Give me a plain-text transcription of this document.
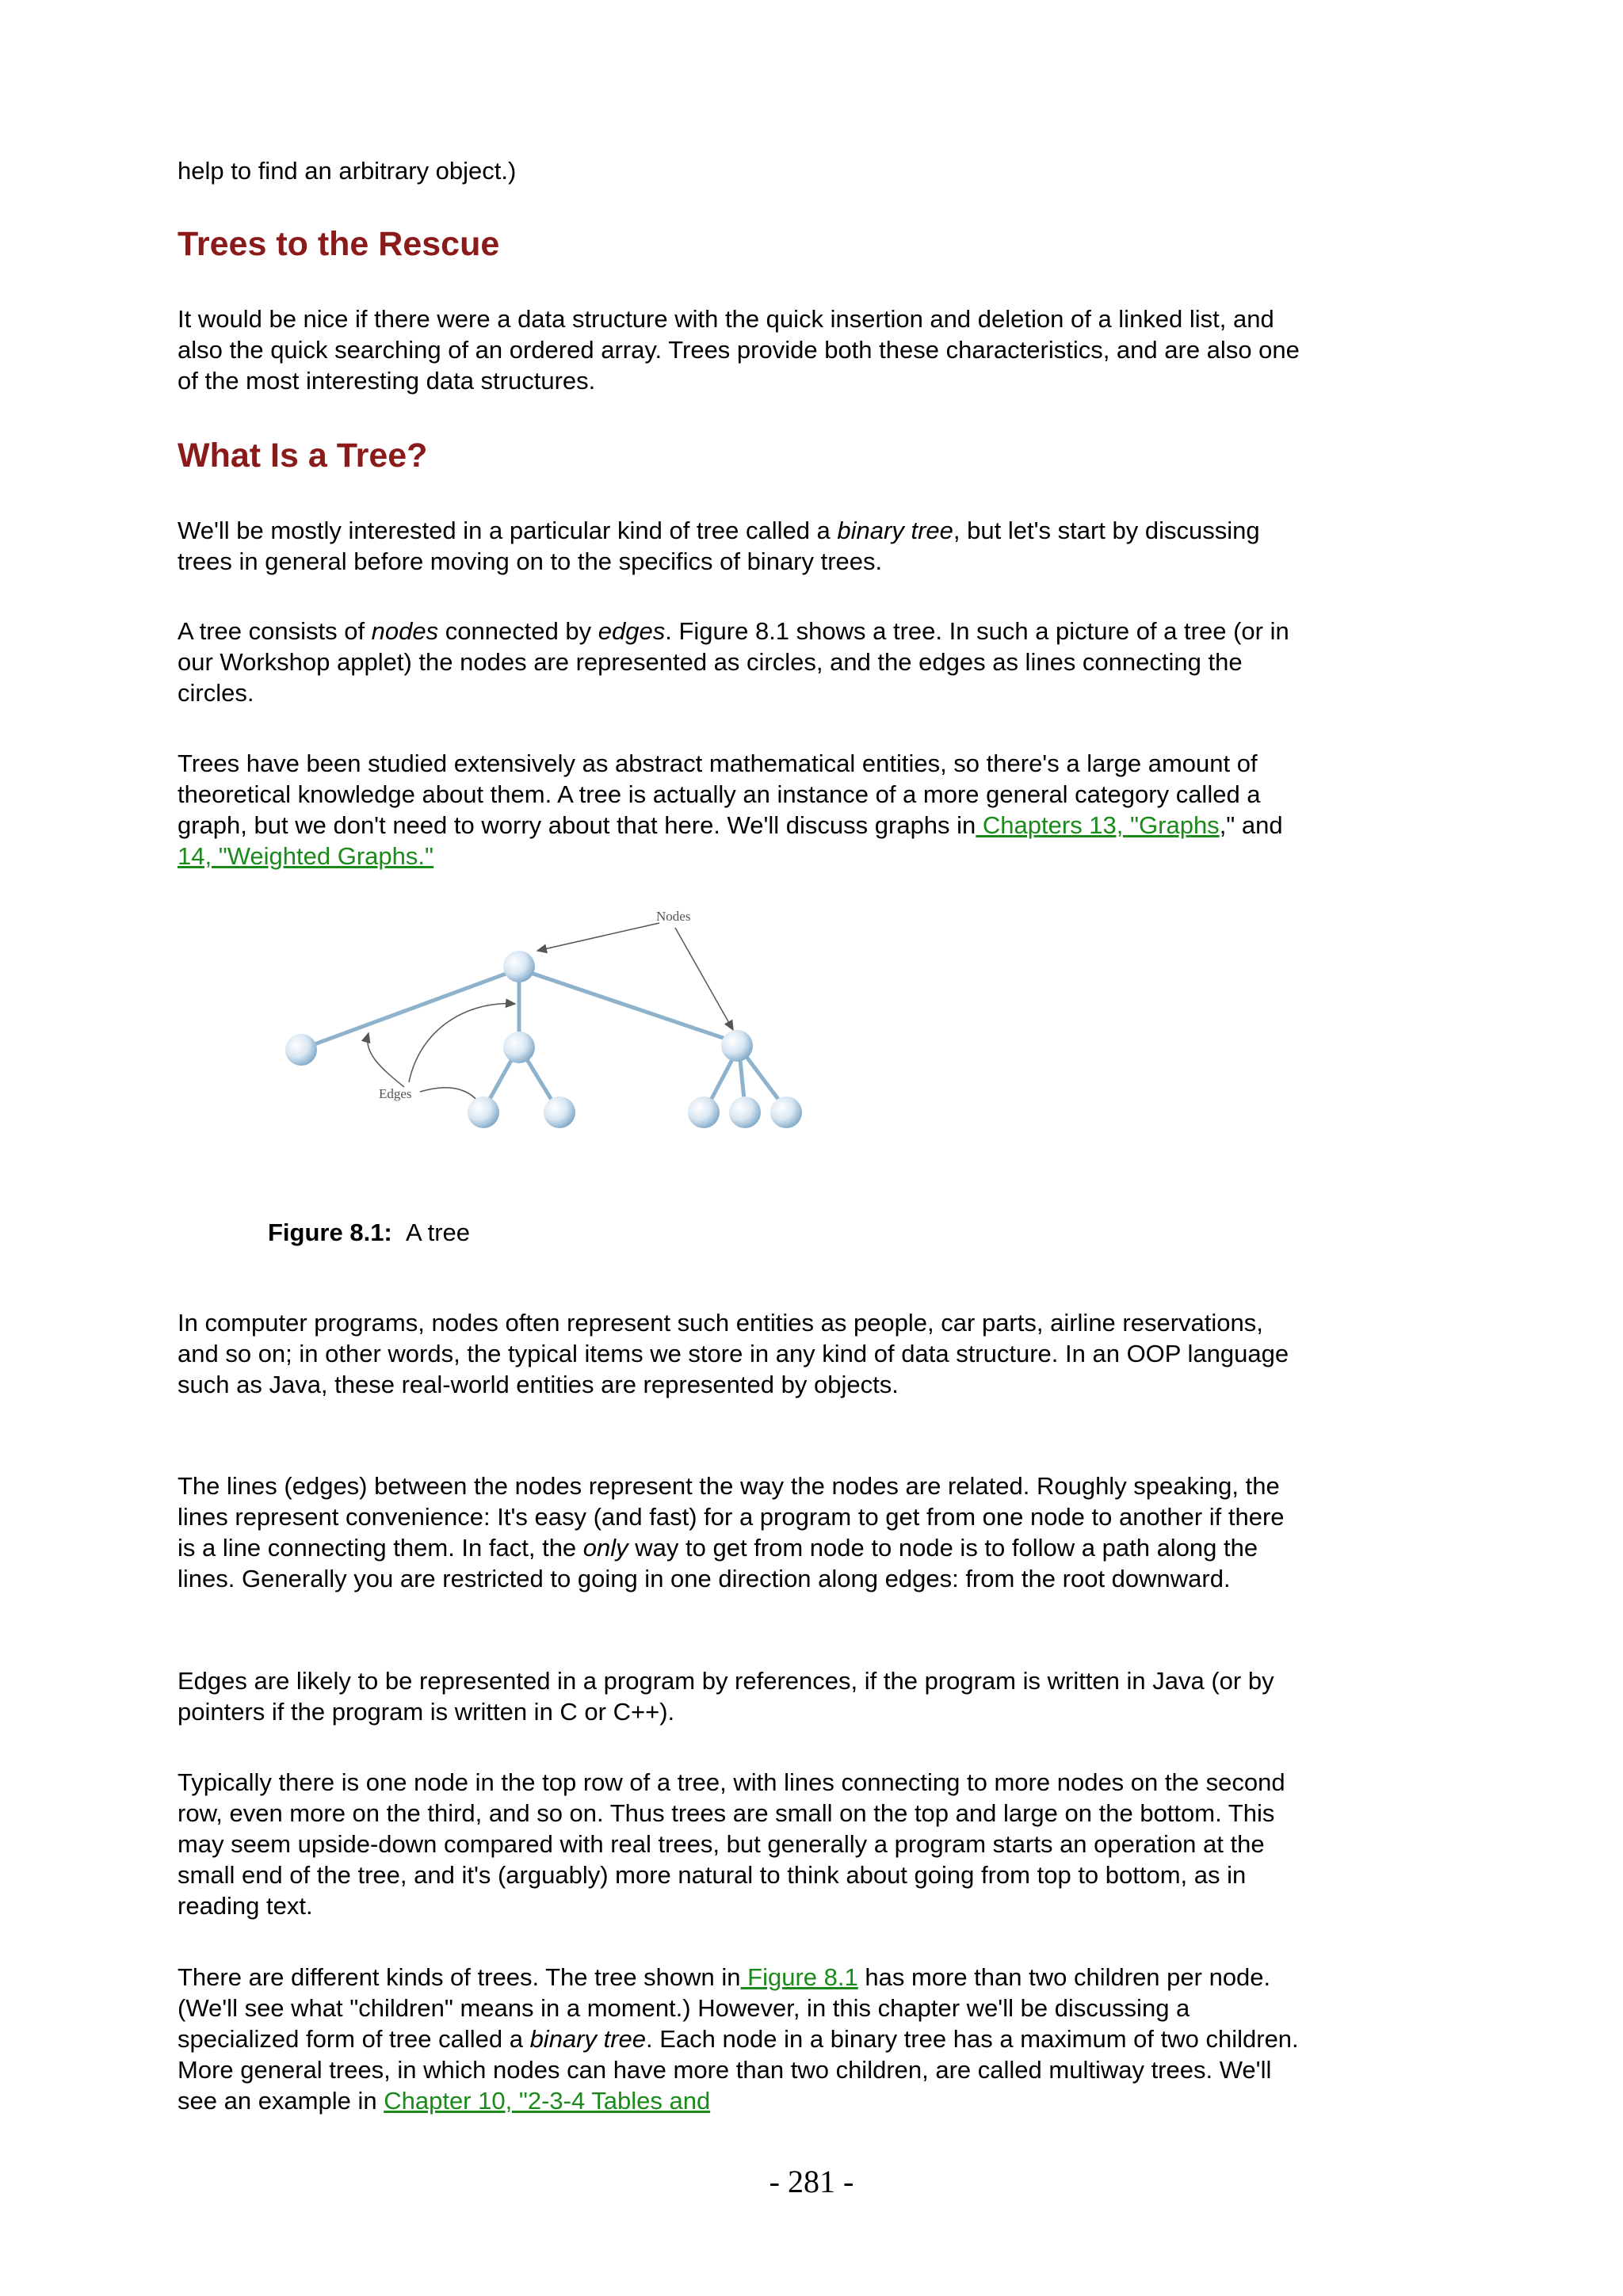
help to find an arbitrary object.)

Trees to the Rescue

It would be nice if there were a data structure with the quick insertion and deletion of a linked list, and also the quick searching of an ordered array. Trees provide both these characteristics, and are also one of the most interesting data structures.

What Is a Tree?

We'll be mostly interested in a particular kind of tree called a binary tree, but let's start by discussing trees in general before moving on to the specifics of binary trees.

A tree consists of nodes connected by edges. Figure 8.1 shows a tree. In such a picture of a tree (or in our Workshop applet) the nodes are represented as circles, and the edges as lines connecting the circles.

Trees have been studied extensively as abstract mathematical entities, so there's a large amount of theoretical knowledge about them. A tree is actually an instance of a more general category called a graph, but we don't need to worry about that here. We'll discuss graphs in Chapters 13, "Graphs," and 14, "Weighted Graphs."

Nodes
Edges

Figure 8.1: A tree

In computer programs, nodes often represent such entities as people, car parts, airline reservations, and so on; in other words, the typical items we store in any kind of data structure. In an OOP language such as Java, these real-world entities are represented by objects.

The lines (edges) between the nodes represent the way the nodes are related. Roughly speaking, the lines represent convenience: It's easy (and fast) for a program to get from one node to another if there is a line connecting them. In fact, the only way to get from node to node is to follow a path along the lines. Generally you are restricted to going in one direction along edges: from the root downward.

Edges are likely to be represented in a program by references, if the program is written in Java (or by pointers if the program is written in C or C++).

Typically there is one node in the top row of a tree, with lines connecting to more nodes on the second row, even more on the third, and so on. Thus trees are small on the top and large on the bottom. This may seem upside-down compared with real trees, but generally a program starts an operation at the small end of the tree, and it's (arguably) more natural to think about going from top to bottom, as in reading text.

There are different kinds of trees. The tree shown in Figure 8.1 has more than two children per node. (We'll see what "children" means in a moment.) However, in this chapter we'll be discussing a specialized form of tree called a binary tree. Each node in a binary tree has a maximum of two children. More general trees, in which nodes can have more than two children, are called multiway trees. We'll see an example in Chapter 10, "2-3-4 Tables and

- 281 -
